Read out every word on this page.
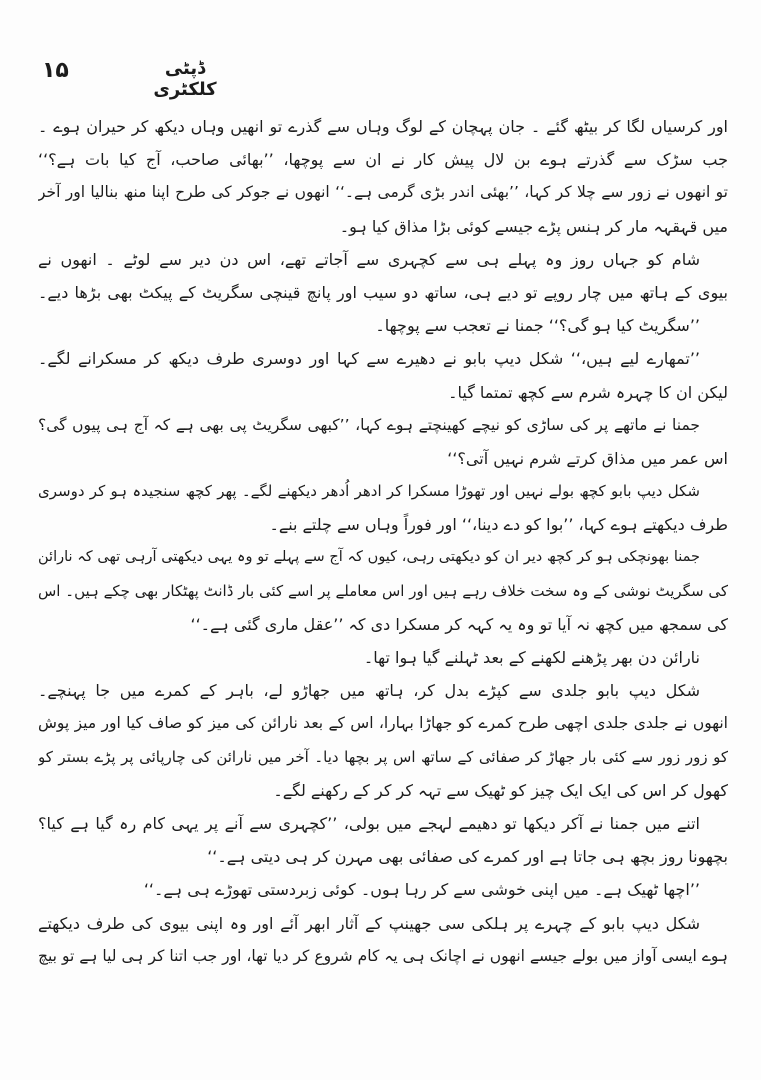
۱۵	ڈپٹی کلکٹری
اور کرسیاں لگا کر بیٹھ گئے ۔ جان پہچان کے لوگ وہاں سے گذرے تو انھیں وہاں دیکھ کر حیران ہوے ۔
جب سڑک سے گذرتے ہوے بن لال پیش کار نے ان سے پوچھا، ’’بھائی صاحب، آج کیا بات ہے؟‘‘
تو انھوں نے زور سے چلا کر کہا، ’’بھئی اندر بڑی گرمی ہے۔‘‘ انھوں نے جوکر کی طرح اپنا منھ بنالیا اور آخر
میں قہقہہ مار کر ہنس پڑے جیسے کوئی بڑا مذاق کیا ہو۔
شام کو جہاں روز وہ پہلے ہی سے کچہری سے آجاتے تھے، اس دن دیر سے لوٹے ۔ انھوں نے
بیوی کے ہاتھ میں چار روپے تو دیے ہی، ساتھ دو سیب اور پانچ قینچی سگریٹ کے پیکٹ بھی بڑھا دیے۔
’’سگریٹ کیا ہو گی؟‘‘ جمنا نے تعجب سے پوچھا۔
’’تمھارے لیے ہیں،‘‘ شکل دیپ بابو نے دھیرے سے کہا اور دوسری طرف دیکھ کر مسکرانے لگے۔
لیکن ان کا چہرہ شرم سے کچھ تمتما گیا۔
جمنا نے ماتھے پر کی ساڑی کو نیچے کھینچتے ہوے کہا، ’’کبھی سگریٹ پی بھی ہے کہ آج ہی پیوں گی؟
اس عمر میں مذاق کرتے شرم نہیں آتی؟‘‘
شکل دیپ بابو کچھ بولے نہیں اور تھوڑا مسکرا کر ادھر اُدھر دیکھنے لگے۔ پھر کچھ سنجیدہ ہو کر دوسری
طرف دیکھتے ہوے کہا، ’’بوا کو دے دینا،‘‘ اور فوراً وہاں سے چلتے بنے۔
جمنا بھونچکی ہو کر کچھ دیر ان کو دیکھتی رہی، کیوں کہ آج سے پہلے تو وہ یہی دیکھتی آرہی تھی کہ نارائن
کی سگریٹ نوشی کے وہ سخت خلاف رہے ہیں اور اس معاملے پر اسے کئی بار ڈانٹ پھٹکار بھی چکے ہیں۔ اس
کی سمجھ میں کچھ نہ آیا تو وہ یہ کہہ کر مسکرا دی کہ ’’عقل ماری گئی ہے۔‘‘
نارائن دن بھر پڑھنے لکھنے کے بعد ٹہلنے گیا ہوا تھا۔
شکل دیپ بابو جلدی سے کپڑے بدل کر، ہاتھ میں جھاڑو لے، باہر کے کمرے میں جا پہنچے۔
انھوں نے جلدی جلدی اچھی طرح کمرے کو جھاڑا بہارا، اس کے بعد نارائن کی میز کو صاف کیا اور میز پوش
کو زور زور سے کئی بار جھاڑ کر صفائی کے ساتھ اس پر بچھا دیا۔ آخر میں نارائن کی چارپائی پر پڑے بستر کو
کھول کر اس کی ایک ایک چیز کو ٹھیک سے تہہ کر کر کے رکھنے لگے۔
اتنے میں جمنا نے آکر دیکھا تو دھیمے لہجے میں بولی، ’’کچہری سے آنے پر یہی کام رہ گیا ہے کیا؟
بچھونا روز بچھ ہی جاتا ہے اور کمرے کی صفائی بھی مہرن کر ہی دیتی ہے۔‘‘
’’اچھا ٹھیک ہے۔ میں اپنی خوشی سے کر رہا ہوں۔ کوئی زبردستی تھوڑے ہی ہے۔‘‘
شکل دیپ بابو کے چہرے پر ہلکی سی جھینپ کے آثار ابھر آئے اور وہ اپنی بیوی کی طرف دیکھتے
ہوے ایسی آواز میں بولے جیسے انھوں نے اچانک ہی یہ کام شروع کر دیا تھا، اور جب اتنا کر ہی لیا ہے تو بیچ
